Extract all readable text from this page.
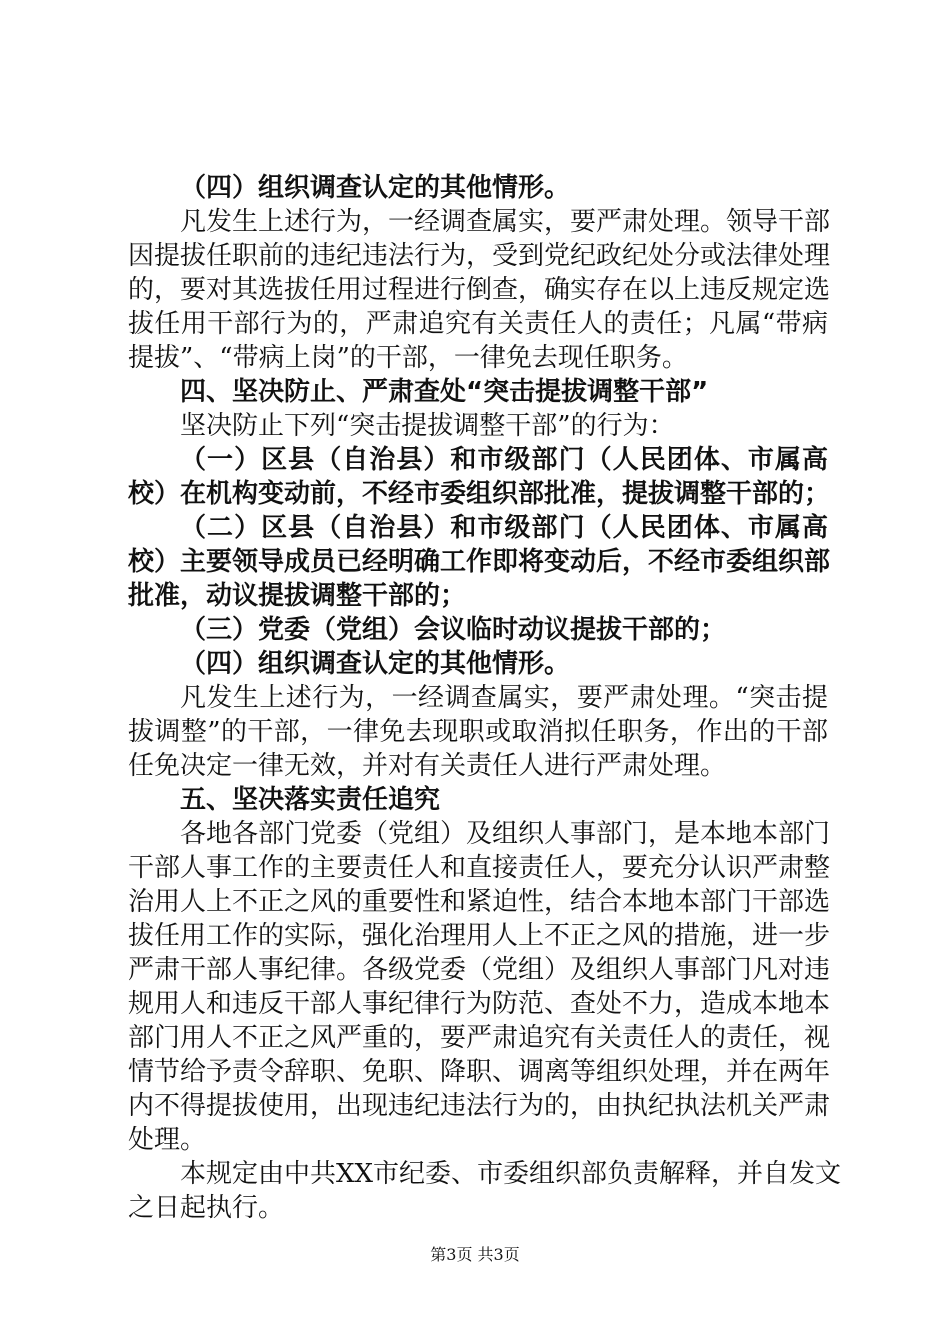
（四）组织调查认定的其他情形。
凡发生上述行为，一经调查属实，要严肃处理。领导干部
因提拔任职前的违纪违法行为，受到党纪政纪处分或法律处理
的，要对其选拔任用过程进行倒查，确实存在以上违反规定选
拔任用干部行为的，严肃追究有关责任人的责任；凡属“带病
提拔”、“带病上岗”的干部，一律免去现任职务。
四、坚决防止、严肃查处“突击提拔调整干部”
坚决防止下列“突击提拔调整干部”的行为：
（一）区县（自治县）和市级部门（人民团体、市属高
校）在机构变动前，不经市委组织部批准，提拔调整干部的；
（二）区县（自治县）和市级部门（人民团体、市属高
校）主要领导成员已经明确工作即将变动后，不经市委组织部
批准，动议提拔调整干部的；
（三）党委（党组）会议临时动议提拔干部的；
（四）组织调查认定的其他情形。
凡发生上述行为，一经调查属实，要严肃处理。“突击提
拔调整”的干部，一律免去现职或取消拟任职务，作出的干部
任免决定一律无效，并对有关责任人进行严肃处理。
五、坚决落实责任追究
各地各部门党委（党组）及组织人事部门，是本地本部门
干部人事工作的主要责任人和直接责任人，要充分认识严肃整
治用人上不正之风的重要性和紧迫性，结合本地本部门干部选
拔任用工作的实际，强化治理用人上不正之风的措施，进一步
严肃干部人事纪律。各级党委（党组）及组织人事部门凡对违
规用人和违反干部人事纪律行为防范、查处不力，造成本地本
部门用人不正之风严重的，要严肃追究有关责任人的责任，视
情节给予责令辞职、免职、降职、调离等组织处理，并在两年
内不得提拔使用，出现违纪违法行为的，由执纪执法机关严肃
处理。
本规定由中共XX市纪委、市委组织部负责解释，并自发文
之日起执行。
第3页 共3页
